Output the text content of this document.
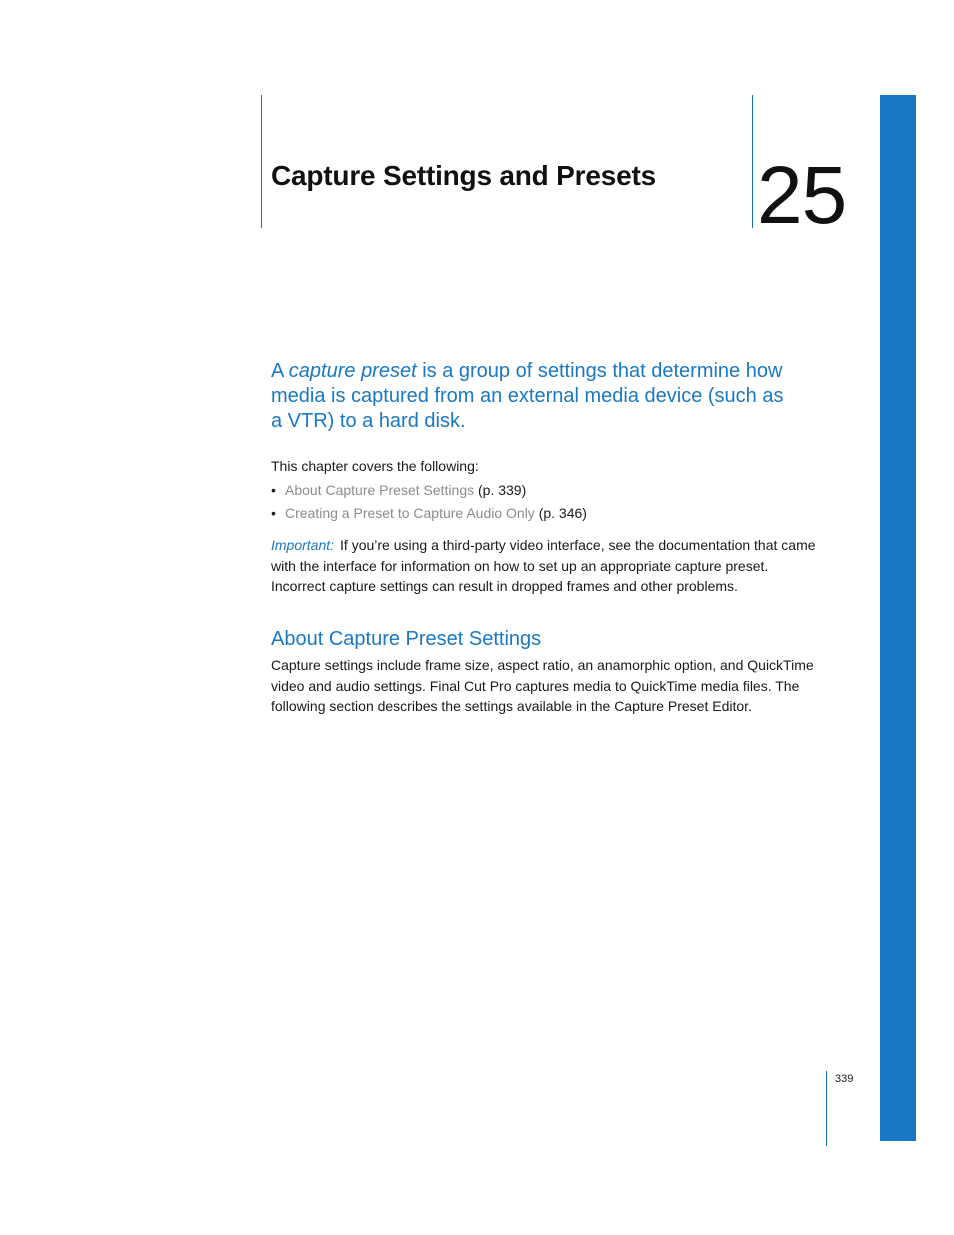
Capture Settings and Presets 25

A capture preset is a group of settings that determine how media is captured from an external media device (such as a VTR) to a hard disk.

This chapter covers the following:

• About Capture Preset Settings (p. 339)
• Creating a Preset to Capture Audio Only (p. 346)

Important: If you’re using a third-party video interface, see the documentation that came with the interface for information on how to set up an appropriate capture preset. Incorrect capture settings can result in dropped frames and other problems.

About Capture Preset Settings

Capture settings include frame size, aspect ratio, an anamorphic option, and QuickTime video and audio settings. Final Cut Pro captures media to QuickTime media files. The following section describes the settings available in the Capture Preset Editor.

339
